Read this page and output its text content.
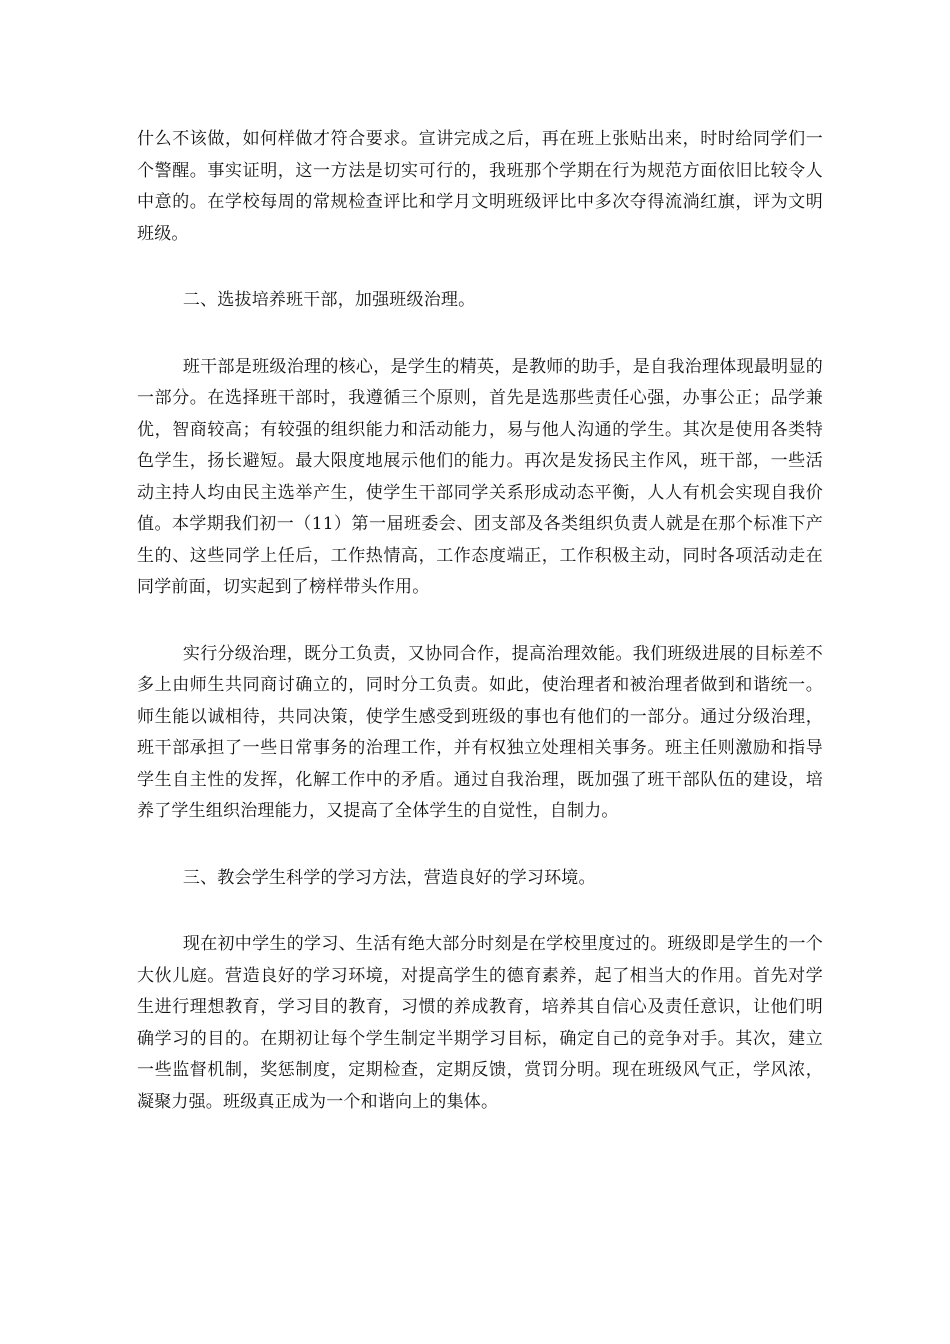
什么不该做，如何样做才符合要求。宣讲完成之后，再在班上张贴出来，时时给同学们一个警醒。事实证明，这一方法是切实可行的，我班那个学期在行为规范方面依旧比较令人中意的。在学校每周的常规检查评比和学月文明班级评比中多次夺得流淌红旗，评为文明班级。

二、选拔培养班干部，加强班级治理。

班干部是班级治理的核心，是学生的精英，是教师的助手，是自我治理体现最明显的一部分。在选择班干部时，我遵循三个原则，首先是选那些责任心强，办事公正；品学兼优，智商较高；有较强的组织能力和活动能力，易与他人沟通的学生。其次是使用各类特色学生，扬长避短。最大限度地展示他们的能力。再次是发扬民主作风，班干部，一些活动主持人均由民主选举产生，使学生干部同学关系形成动态平衡，人人有机会实现自我价值。本学期我们初一（11）第一届班委会、团支部及各类组织负责人就是在那个标准下产生的、这些同学上任后，工作热情高，工作态度端正，工作积极主动，同时各项活动走在同学前面，切实起到了榜样带头作用。

实行分级治理，既分工负责，又协同合作，提高治理效能。我们班级进展的目标差不多上由师生共同商讨确立的，同时分工负责。如此，使治理者和被治理者做到和谐统一。师生能以诚相待，共同决策，使学生感受到班级的事也有他们的一部分。通过分级治理，班干部承担了一些日常事务的治理工作，并有权独立处理相关事务。班主任则激励和指导学生自主性的发挥，化解工作中的矛盾。通过自我治理，既加强了班干部队伍的建设，培养了学生组织治理能力，又提高了全体学生的自觉性，自制力。

三、教会学生科学的学习方法，营造良好的学习环境。

现在初中学生的学习、生活有绝大部分时刻是在学校里度过的。班级即是学生的一个大伙儿庭。营造良好的学习环境，对提高学生的德育素养，起了相当大的作用。首先对学生进行理想教育，学习目的教育，习惯的养成教育，培养其自信心及责任意识，让他们明确学习的目的。在期初让每个学生制定半期学习目标，确定自己的竞争对手。其次，建立一些监督机制，奖惩制度，定期检查，定期反馈，赏罚分明。现在班级风气正，学风浓，凝聚力强。班级真正成为一个和谐向上的集体。
